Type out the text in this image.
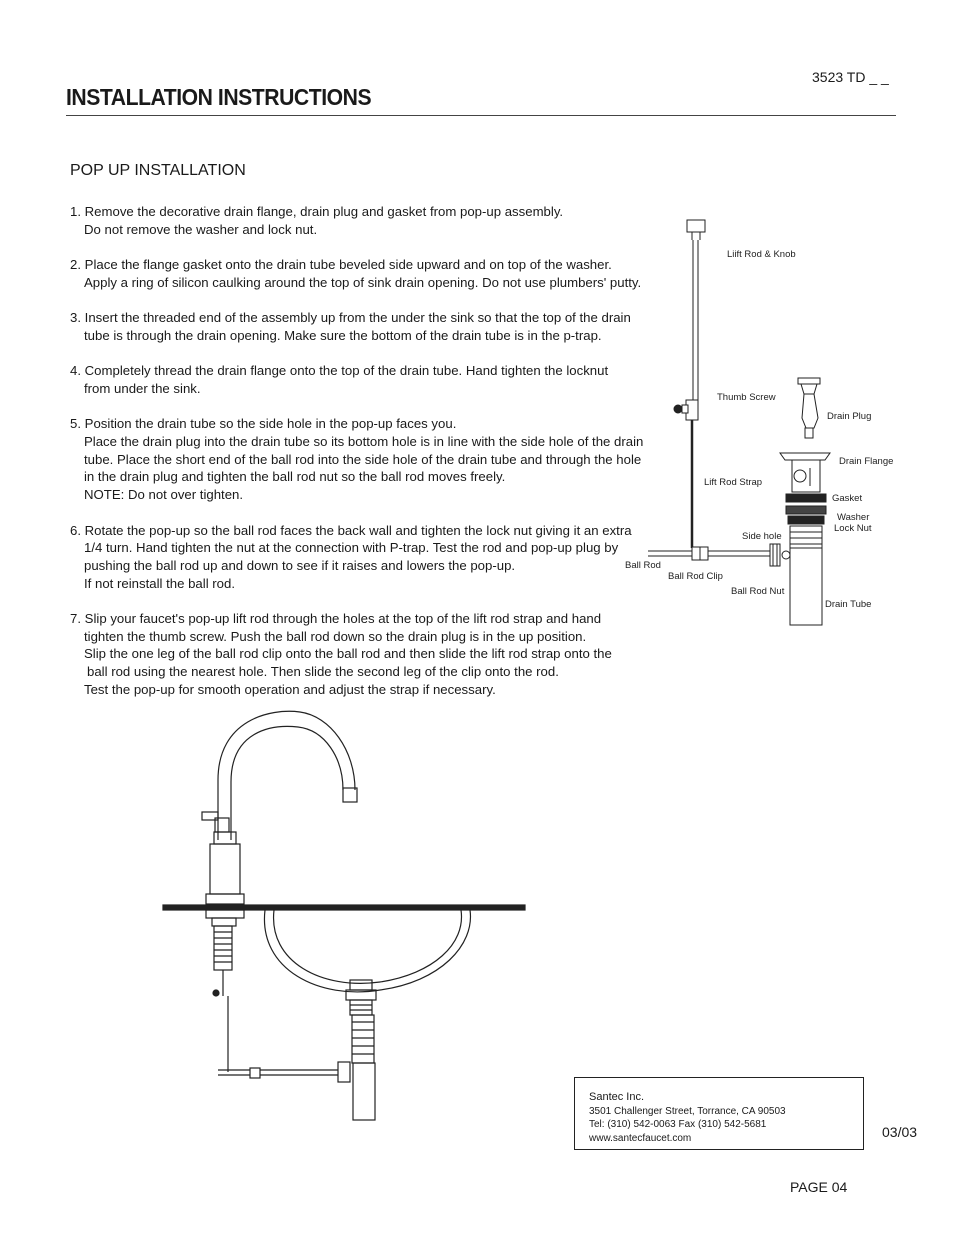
3523 TD _ _
INSTALLATION INSTRUCTIONS
POP UP INSTALLATION
1. Remove the decorative drain flange, drain plug and gasket from pop-up assembly.
Do not remove the washer and lock nut.
2. Place the flange gasket onto the drain tube beveled side upward and on top of the washer.
Apply a ring of silicon caulking around the top of sink drain opening. Do not use plumbers' putty.
3. Insert the threaded end of the assembly up from the under the sink so that the top of the drain
tube is through the drain opening. Make sure the bottom of the drain tube is in the p-trap.
4. Completely thread the drain flange onto the top of the drain tube. Hand tighten the locknut
from under the sink.
5. Position the drain tube so the side hole in the pop-up faces you.
Place the drain plug into the drain tube so its bottom hole is in line with the side hole of the drain
tube. Place the short end of the ball rod into the side hole of the drain tube and through the hole
in the drain plug and tighten the ball rod nut so the ball rod moves freely.
NOTE: Do not over tighten.
6. Rotate the pop-up so the ball rod faces the back wall and tighten the lock nut giving it an extra
1/4 turn. Hand tighten the nut at the connection with P-trap. Test the rod and pop-up plug by
pushing the ball rod up and down to see if it raises and lowers the pop-up.
If not reinstall the ball rod.
7. Slip your faucet's pop-up lift rod through the holes at the top of the lift rod strap and hand
tighten the thumb screw. Push the ball rod down so the drain plug is in the up position.
Slip the one leg of the ball rod clip onto the ball rod and then slide the lift rod strap onto the
ball rod using the nearest hole. Then slide the second leg of the clip onto the rod.
Test the pop-up for smooth operation and adjust the strap if necessary.
Liift Rod & Knob
Thumb Screw
Drain Plug
Drain Flange
Lift Rod Strap
Gasket
Washer
Lock Nut
Side hole
Ball Rod
Ball Rod Clip
Ball Rod Nut
Drain Tube
Santec Inc.
3501 Challenger Street, Torrance, CA 90503
Tel: (310) 542-0063 Fax (310) 542-5681
www.santecfaucet.com	03/03
PAGE 04
